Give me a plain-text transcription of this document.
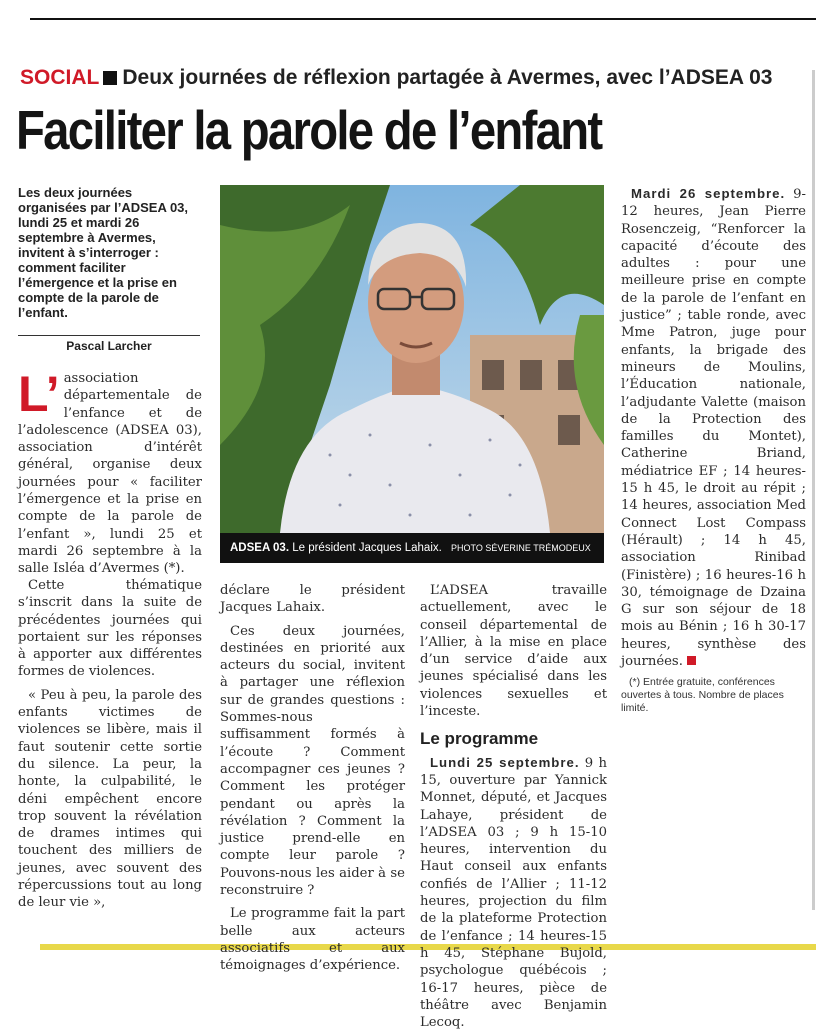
SOCIAL Deux journées de réflexion partagée à Avermes, avec l’ADSEA 03
Faciliter la parole de l’enfant
Les deux journées organisées par l’ADSEA 03, lundi 25 et mardi 26 septembre à Avermes, invitent à s’interroger : comment faciliter l’émergence et la prise en compte de la parole de l’enfant.
Pascal Larcher

L’ association départementale de l’enfance et de l’adolescence (ADSEA 03), association d’intérêt général, organise deux journées pour « faciliter l’émergence et la prise en compte de la parole de l’enfant », lundi 25 et mardi 26 septembre à la salle Isléa d’Avermes (*).

Cette thématique s’inscrit dans la suite de précédentes journées qui portaient sur les réponses à apporter aux différentes formes de violences.

« Peu à peu, la parole des enfants victimes de violences se libère, mais il faut soutenir cette sortie du silence. La peur, la honte, la culpabilité, le déni empêchent encore trop souvent la révélation de drames intimes qui touchent des milliers de jeunes, avec souvent des répercussions tout au long de leur vie »,

ADSEA 03. Le président Jacques Lahaix. PHOTO SÉVERINE TRÉMODEUX

déclare le président Jacques Lahaix.

Ces deux journées, destinées en priorité aux acteurs du social, invitent à partager une réflexion sur de grandes questions : Sommes-nous suffisamment formés à l’écoute ? Comment accompagner ces jeunes ? Comment les protéger pendant ou après la révélation ? Comment la justice prend-elle en compte leur parole ? Pouvons-nous les aider à se reconstruire ?

Le programme fait la part belle aux acteurs associatifs et aux témoignages d’expérience.

L’ADSEA travaille actuellement, avec le conseil départemental de l’Allier, à la mise en place d’un service d’aide aux jeunes spécialisé dans les violences sexuelles et l’inceste.

Le programme

Lundi 25 septembre. 9 h 15, ouverture par Yannick Monnet, député, et Jacques Lahaye, président de l’ADSEA 03 ; 9 h 15-10 heures, intervention du Haut conseil aux enfants confiés de l’Allier ; 11-12 heures, projection du film de la plateforme Protection de l’enfance ; 14 heures-15 h 45, Stéphane Bujold, psychologue québécois ; 16-17 heures, pièce de théâtre avec Benjamin Lecoq.

Mardi 26 septembre. 9-12 heures, Jean Pierre Rosenczeig, “Renforcer la capacité d’écoute des adultes : pour une meilleure prise en compte de la parole de l’enfant en justice” ; table ronde, avec Mme Patron, juge pour enfants, la brigade des mineurs de Moulins, l’Éducation nationale, l’adjudante Valette (maison de la Protection des familles du Montet), Catherine Briand, médiatrice EF ; 14 heures-15 h 45, le droit au répit ; 14 heures, association Med Connect Lost Compass (Hérault) ; 14 h 45, association Rinibad (Finistère) ; 16 heures-16 h 30, témoignage de Dzaina G sur son séjour de 18 mois au Bénin ; 16 h 30-17 heures, synthèse des journées.

(*) Entrée gratuite, conférences ouvertes à tous. Nombre de places limité.
